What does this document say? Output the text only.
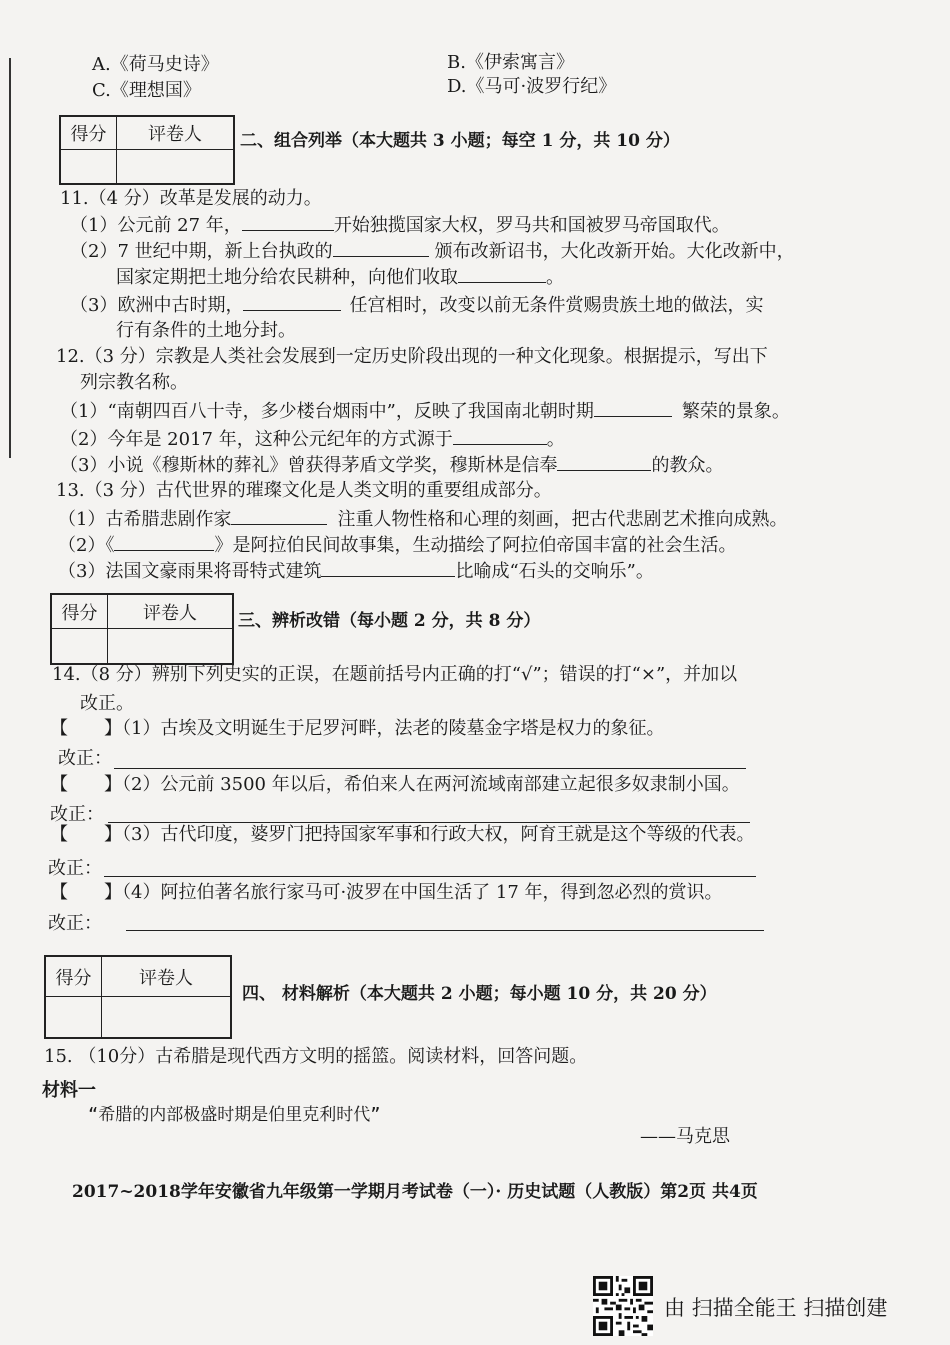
A.《荷马史诗》	B.《伊索寓言》
C.《理想国》	D.《马可·波罗行纪》
得分	评卷人	二、组合列举（本大题共 3 小题；每空 1 分，共 10 分）
11.（4 分）改革是发展的动力。
（1）公元前 27 年，	开始独揽国家大权，罗马共和国被罗马帝国取代。
（2）7 世纪中期，新上台执政的	颁布改新诏书，大化改新开始。大化改新中，
国家定期把土地分给农民耕种，向他们收取	。
（3）欧洲中古时期，	任宫相时，改变以前无条件赏赐贵族土地的做法，实
行有条件的土地分封。
12.（3 分）宗教是人类社会发展到一定历史阶段出现的一种文化现象。根据提示，写出下
列宗教名称。
（1）“南朝四百八十寺，多少楼台烟雨中”，反映了我国南北朝时期	繁荣的景象。
（2）今年是 2017 年，这种公元纪年的方式源于	。
（3）小说《穆斯林的葬礼》曾获得茅盾文学奖，穆斯林是信奉	的教众。
13.（3 分）古代世界的璀璨文化是人类文明的重要组成部分。
（1）古希腊悲剧作家	注重人物性格和心理的刻画，把古代悲剧艺术推向成熟。
（2）《	》是阿拉伯民间故事集，生动描绘了阿拉伯帝国丰富的社会生活。
（3）法国文豪雨果将哥特式建筑	比喻成“石头的交响乐”。
得分	评卷人	三、辨析改错（每小题 2 分，共 8 分）
14.（8 分）辨别下列史实的正误，在题前括号内正确的打“√”；错误的打“×”，并加以
改正。
【　　】（1）古埃及文明诞生于尼罗河畔，法老的陵墓金字塔是权力的象征。
改正：
【　　】（2）公元前 3500 年以后，希伯来人在两河流域南部建立起很多奴隶制小国。
改正：
【　　】（3）古代印度，婆罗门把持国家军事和行政大权，阿育王就是这个等级的代表。
改正：
【　　】（4）阿拉伯著名旅行家马可·波罗在中国生活了 17 年，得到忽必烈的赏识。
改正：
得分	评卷人
四、 材料解析（本大题共 2 小题；每小题 10 分，共 20 分）
15. （10分）古希腊是现代西方文明的摇篮。阅读材料，回答问题。
材料一
“希腊的内部极盛时期是伯里克利时代”
——马克思
2017~2018学年安徽省九年级第一学期月考试卷（一）· 历史试题（人教版）第2页 共4页
由 扫描全能王 扫描创建
